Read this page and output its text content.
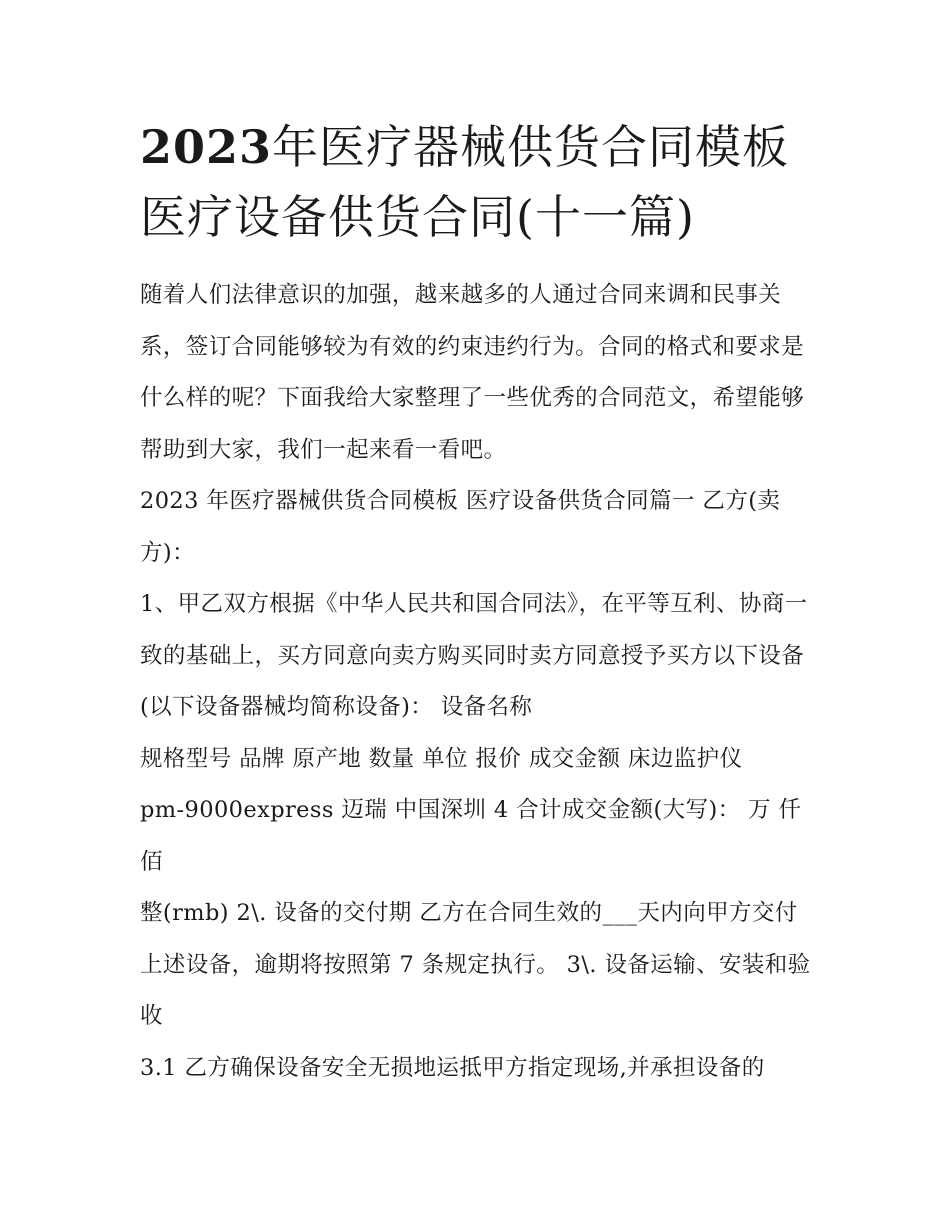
2023年医疗器械供货合同模板
医疗设备供货合同(十一篇)

随着人们法律意识的加强，越来越多的人通过合同来调和民事关系，签订合同能够较为有效的约束违约行为。合同的格式和要求是什么样的呢？下面我给大家整理了一些优秀的合同范文，希望能够帮助到大家，我们一起来看一看吧。

2023 年医疗器械供货合同模板 医疗设备供货合同篇一 乙方(卖方)：

1、甲乙双方根据《中华人民共和国合同法》，在平等互利、协商一致的基础上，买方同意向卖方购买同时卖方同意授予买方以下设备(以下设备器械均简称设备)： 设备名称

规格型号 品牌 原产地 数量 单位 报价 成交金额 床边监护仪

pm-9000express 迈瑞 中国深圳 4 合计成交金额(大写)： 万 仟佰

整(rmb) 2\. 设备的交付期 乙方在合同生效的___天内向甲方交付上述设备，逾期将按照第 7 条规定执行。 3\. 设备运输、安装和验收

3.1 乙方确保设备安全无损地运抵甲方指定现场,并承担设备的
